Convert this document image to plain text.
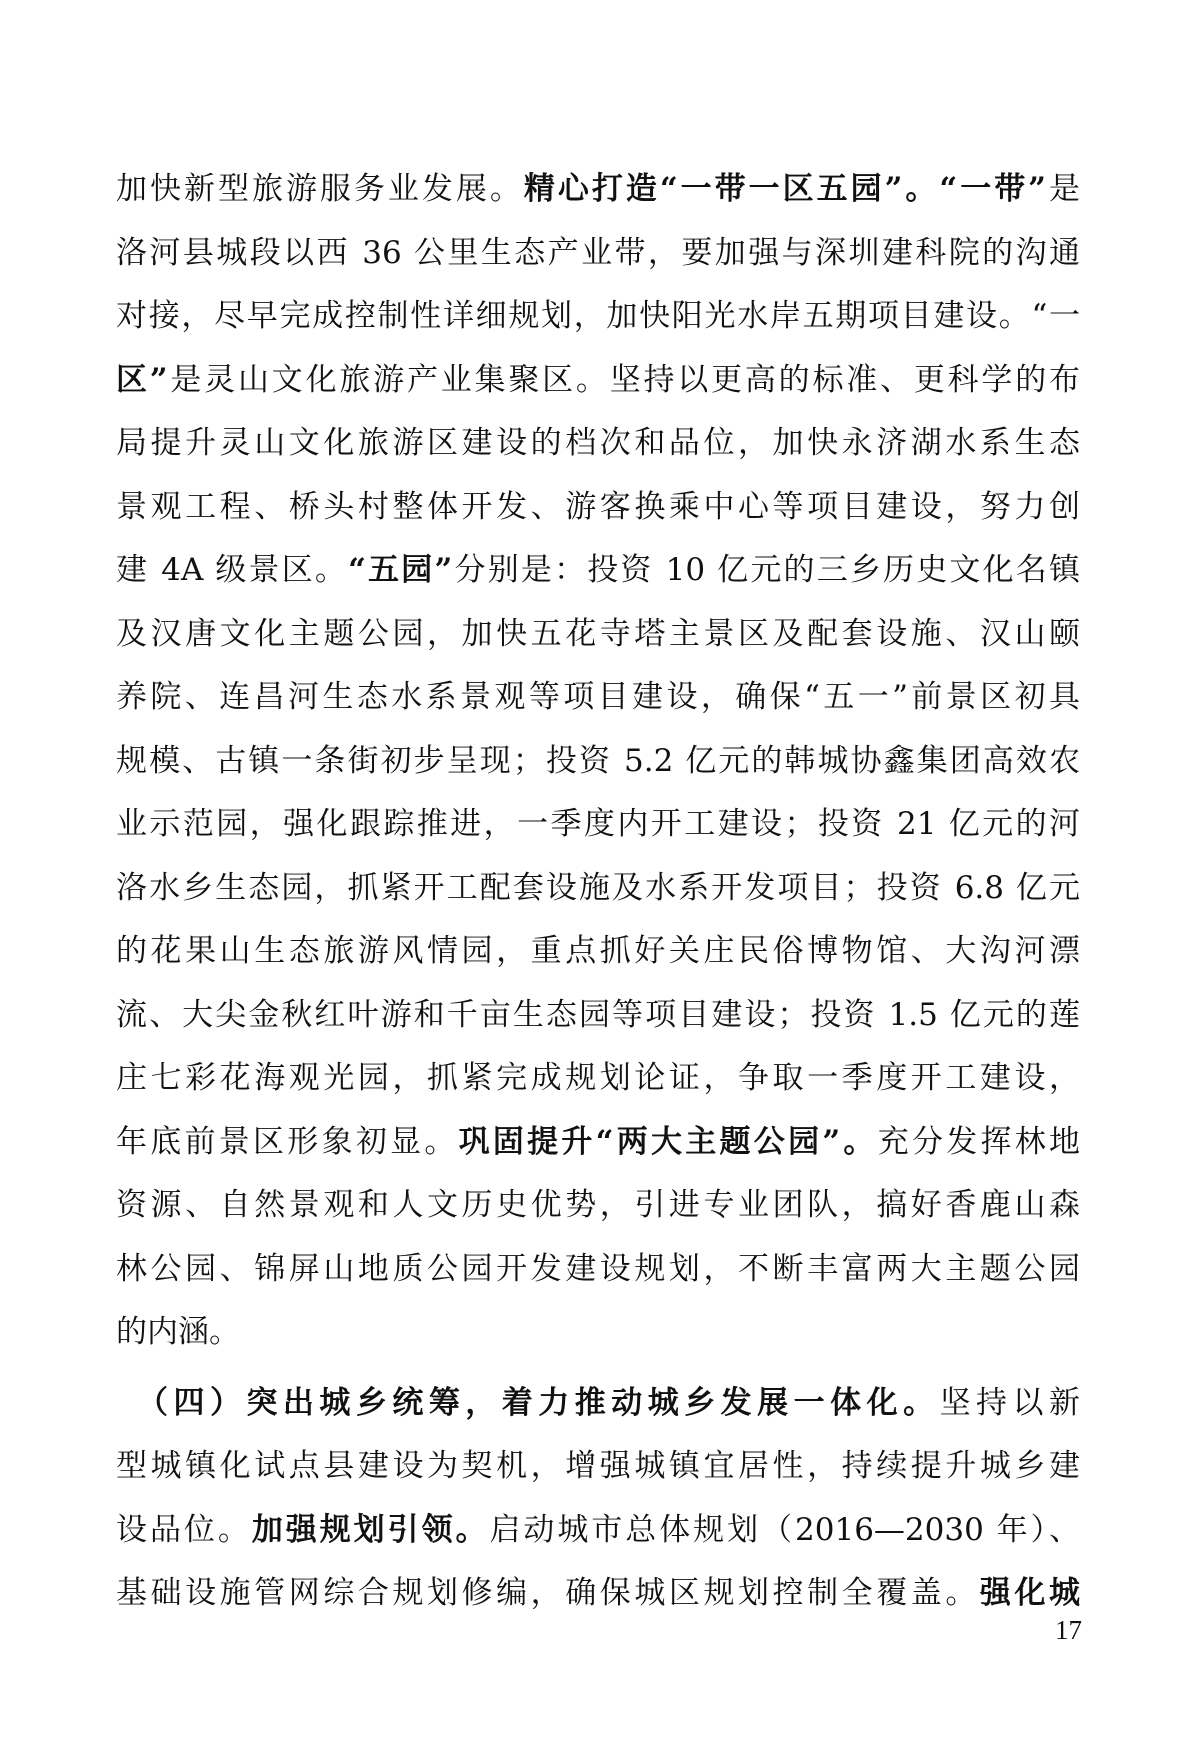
加快新型旅游服务业发展。精心打造“一带一区五园”。“一带”是
洛河县城段以西 36 公里生态产业带，要加强与深圳建科院的沟通
对接，尽早完成控制性详细规划，加快阳光水岸五期项目建设。“一
区”是灵山文化旅游产业集聚区。坚持以更高的标准、更科学的布
局提升灵山文化旅游区建设的档次和品位，加快永济湖水系生态
景观工程、桥头村整体开发、游客换乘中心等项目建设，努力创
建 4A 级景区。“五园”分别是：投资 10 亿元的三乡历史文化名镇
及汉唐文化主题公园，加快五花寺塔主景区及配套设施、汉山颐
养院、连昌河生态水系景观等项目建设，确保“五一”前景区初具
规模、古镇一条街初步呈现；投资 5.2 亿元的韩城协鑫集团高效农
业示范园，强化跟踪推进，一季度内开工建设；投资 21 亿元的河
洛水乡生态园，抓紧开工配套设施及水系开发项目；投资 6.8 亿元
的花果山生态旅游风情园，重点抓好关庄民俗博物馆、大沟河漂
流、大尖金秋红叶游和千亩生态园等项目建设；投资 1.5 亿元的莲
庄七彩花海观光园，抓紧完成规划论证，争取一季度开工建设，
年底前景区形象初显。巩固提升“两大主题公园”。充分发挥林地
资源、自然景观和人文历史优势，引进专业团队，搞好香鹿山森
林公园、锦屏山地质公园开发建设规划，不断丰富两大主题公园
的内涵。
　（四）突出城乡统筹，着力推动城乡发展一体化。坚持以新
型城镇化试点县建设为契机，增强城镇宜居性，持续提升城乡建
设品位。加强规划引领。启动城市总体规划（2016—2030 年）、
基础设施管网综合规划修编，确保城区规划控制全覆盖。强化城
17
